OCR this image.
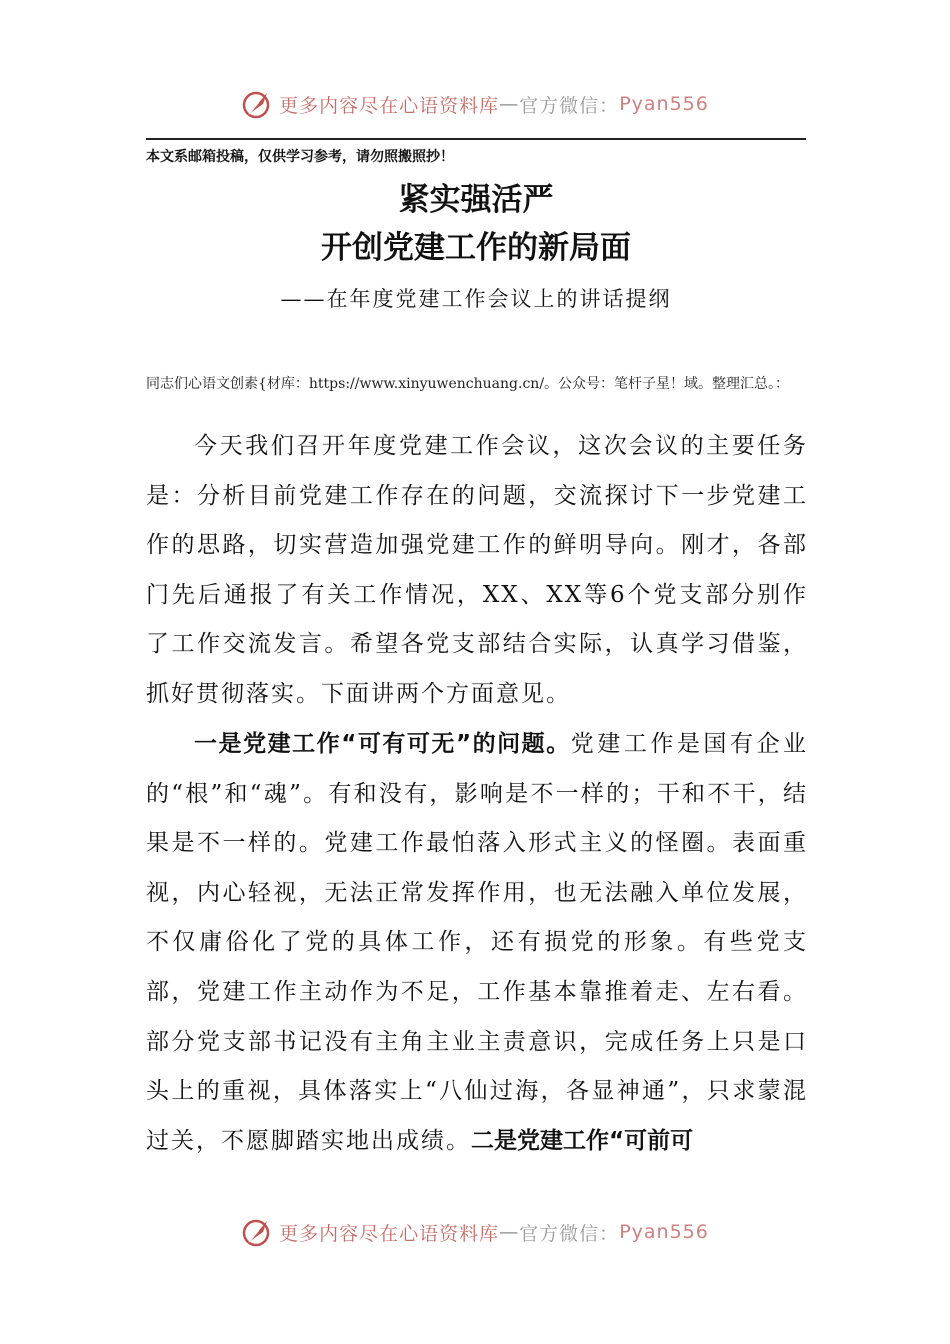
更多内容尽在心语资料库 — 官方微信： Pyan556
本文系邮箱投稿，仅供学习参考，请勿照搬照抄！
紧实强活严
开创党建工作的新局面
——在年度党建工作会议上的讲话提纲
同志们心语文创素{材库：https://www.xinyuwenchuang.cn/。公众号：笔杆子星！域。整理汇总。：
今天我们召开年度党建工作会议，这次会议的主要任务是：分析目前党建工作存在的问题，交流探讨下一步党建工作的思路，切实营造加强党建工作的鲜明导向。刚才，各部门先后通报了有关工作情况，XX、XX等6个党支部分别作了工作交流发言。希望各党支部结合实际，认真学习借鉴，抓好贯彻落实。下面讲两个方面意见。
一是党建工作“可有可无”的问题。党建工作是国有企业的“根”和“魂”。有和没有，影响是不一样的；干和不干，结果是不一样的。党建工作最怕落入形式主义的怪圈。表面重视，内心轻视，无法正常发挥作用，也无法融入单位发展，不仅庸俗化了党的具体工作，还有损党的形象。有些党支部，党建工作主动作为不足，工作基本靠推着走、左右看。部分党支部书记没有主角主业主责意识，完成任务上只是口头上的重视，具体落实上“八仙过海，各显神通”，只求蒙混过关，不愿脚踏实地出成绩。二是党建工作“可前可
更多内容尽在心语资料库 — 官方微信： Pyan556
